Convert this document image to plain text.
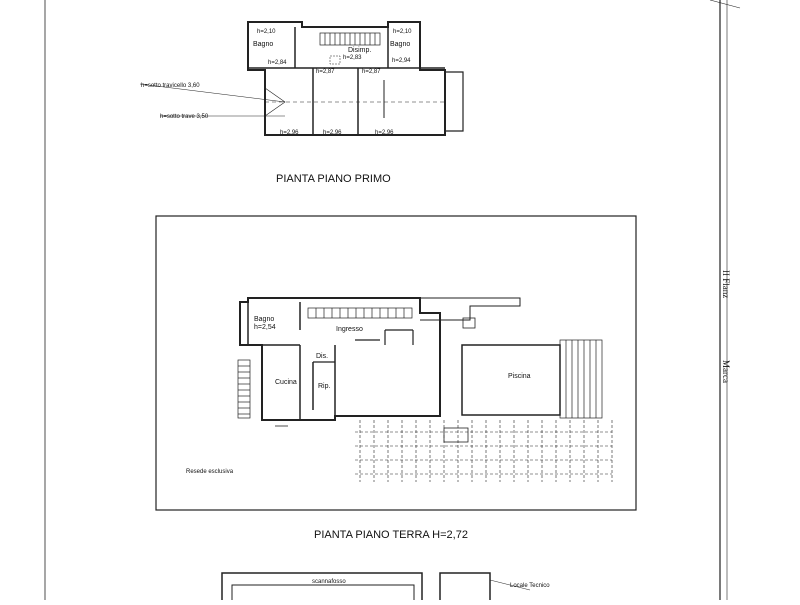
h=2,10
Bagno
Disimp.
h=2,83
h=2,10
Bagno
h=2,84
h=2,87	h=2,87
h=2,94
h=2,96	h=2,96	h=2,96
h=sotto travicello 3,60
h=sotto trave 3,50
PIANTA PIANO PRIMO
Bagno
h=2,54	Ingresso
Dis.
Cucina
Rip.
Piscina
Resede esclusiva
PIANTA PIANO TERRA H=2,72
scannafosso
Locale Tecnico
II Flanz
Marca
